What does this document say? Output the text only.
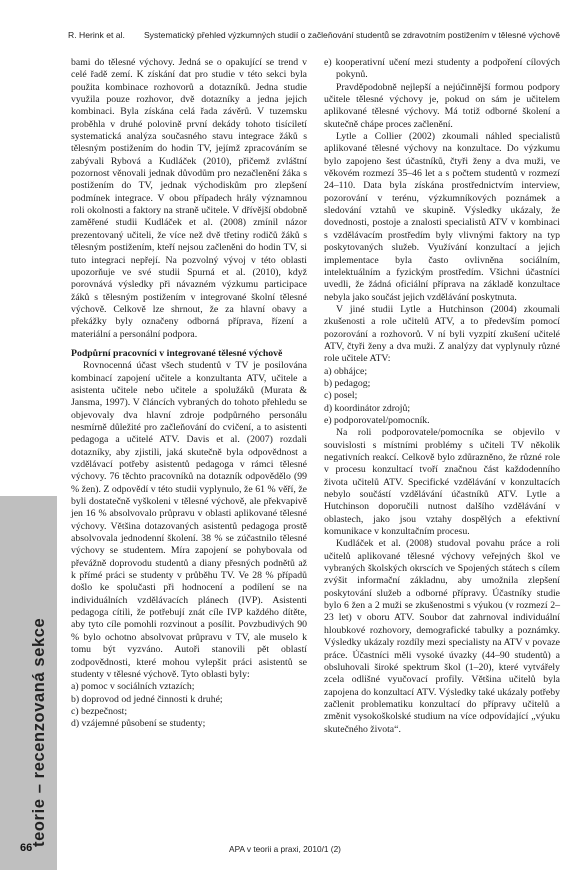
R. Herink et al. Systematický přehled výzkumných studií o začleňování studentů se zdravotním postižením v tělesné výchově

bami do tělesné výchovy. Jedná se o opakující se trend v celé řadě zemí. K získání dat pro studie v této sekci byla použita kombinace rozhovorů a dotazníků. Jedna studie využila pouze rozhovor, dvě dotazníky a jedna jejich kombinaci. Byla získána celá řada závěrů. V tuzemsku proběhla v druhé polovině první dekády tohoto tisíciletí systematická analýza současného stavu integrace žáků s tělesným postižením do hodin TV, jejímž zpracováním se zabývali Rybová a Kudláček (2010), přičemž zvláštní pozornost věnovali jednak důvodům pro nezačlenění žáka s postižením do TV, jednak východiskům pro zlepšení podmínek integrace. V obou případech hrály významnou roli okolnosti a faktory na straně učitele. V dřívější obdobně zaměřené studii Kudláček et al. (2008) zmínil názor prezentovaný učiteli, že více než dvě třetiny rodičů žáků s tělesným postižením, kteří nejsou začleněni do hodin TV, si tuto integraci nepřejí. Na pozvolný vývoj v této oblasti upozorňuje ve své studii Spurná et al. (2010), když porovnává výsledky při návazném výzkumu participace žáků s tělesným postižením v integrované školní tělesné výchově. Celkově lze shrnout, že za hlavní obavy a překážky byly označeny odborná příprava, řízení a materiální a personální podpora.

Podpůrní pracovníci v integrované tělesné výchově

Rovnocenná účast všech studentů v TV je posilována kombinací zapojení učitele a konzultanta ATV, učitele a asistenta učitele nebo učitele a spolužáků (Murata & Jansma, 1997). V článcích vybraných do tohoto přehledu se objevovaly dva hlavní zdroje podpůrného personálu nesmírně důležité pro začleňování do cvičení, a to asistenti pedagoga a učitelé ATV. Davis et al. (2007) rozdali dotazníky, aby zjistili, jaká skutečně byla odpovědnost a vzdělávací potřeby asistentů pedagoga v rámci tělesné výchovy. 76 těchto pracovníků na dotazník odpovědělo (99 % žen). Z odpovědí v této studii vyplynulo, že 61 % věří, že byli dostatečně vyškoleni v tělesné výchově, ale překvapivě jen 16 % absolvovalo průpravu v oblasti aplikované tělesné výchovy. Většina dotazovaných asistentů pedagoga prostě absolvovala jednodenní školení. 38 % se zúčastnilo tělesné výchovy se studentem. Míra zapojení se pohybovala od převážně doprovodu studentů a diany přesných podnětů až k přímé práci se studenty v průběhu TV. Ve 28 % případů došlo ke spolučasti při hodnocení a podílení se na individuálních vzdělávacích plánech (IVP). Asistenti pedagoga cítili, že potřebují znát cíle IVP každého dítěte, aby tyto cíle pomohli rozvinout a posílit. Povzbudivých 90 % bylo ochotno absolvovat průpravu v TV, ale muselo k tomu být vyzváno. Autoři stanovili pět oblastí zodpovědnosti, které mohou vylepšit práci asistentů se studenty v tělesné výchově. Tyto oblasti byly:

a) pomoc v sociálních vztazích;
b) doprovod od jedné činnosti k druhé;
c) bezpečnost;
d) vzájemné působení se studenty;
e) kooperativní učení mezi studenty a podpoření cílových pokynů.

Pravděpodobně nejlepší a nejúčinnější formou podpory učitele tělesné výchovy je, pokud on sám je učitelem aplikované tělesné výchovy. Má totiž odborné školení a skutečně chápe proces začlenění.

Lytle a Collier (2002) zkoumali náhled specialistů aplikované tělesné výchovy na konzultace. Do výzkumu bylo zapojeno šest účastníků, čtyři ženy a dva muži, ve věkovém rozmezí 35–46 let a s počtem studentů v rozmezí 24–110. Data byla získána prostřednictvím interview, pozorování v terénu, výzkumníkových poznámek a sledování vztahů ve skupině. Výsledky ukázaly, že dovednosti, postoje a znalosti specialistů ATV v kombinaci s vzdělávacím prostředím byly vlivnými faktory na typ poskytovaných služeb. Využívání konzultací a jejich implementace byla často ovlivněna sociálním, intelektuálním a fyzickým prostředím. Všichni účastníci uvedli, že žádná oficiální příprava na základě konzultace nebyla jako součást jejich vzdělávání poskytnuta.

V jiné studii Lytle a Hutchinson (2004) zkoumali zkušenosti a role učitelů ATV, a to především pomocí pozorování a rozhovorů. V ní byli vyzpití zkušení učitelé ATV, čtyři ženy a dva muži. Z analýzy dat vyplynuly různé role učitele ATV:

a) obhájce;
b) pedagog;
c) posel;
d) koordinátor zdrojů;
e) podporovatel/pomocník.

Na roli podporovatele/pomocníka se objevilo v souvislosti s místními problémy s učiteli TV několik negativních reakcí. Celkově bylo zdůrazněno, že různé role v procesu konzultací tvoří značnou část každodenního života učitelů ATV. Specifické vzdělávání v konzultacích nebylo součástí vzdělávání účastníků ATV. Lytle a Hutchinson doporučili nutnost dalšího vzdělávání v oblastech, jako jsou vztahy dospělých a efektivní komunikace v konzultačním procesu.

Kudláček et al. (2008) studoval povahu práce a roli učitelů aplikované tělesné výchovy veřejných škol ve vybraných školských okrscích ve Spojených státech s cílem zvýšit informační základnu, aby umožnila zlepšení poskytování služeb a odborné přípravy. Účastníky studie bylo 6 žen a 2 muži se zkušenostmi s výukou (v rozmezí 2–23 let) v oboru ATV. Soubor dat zahrnoval individuální hloubkové rozhovory, demografické tabulky a poznámky. Výsledky ukázaly rozdíly mezi specialisty na ATV v povaze práce. Účastníci měli vysoké úvazky (44–90 studentů) a obsluhovali široké spektrum škol (1–20), které vytvářely zcela odlišné vyučovací profily. Většina učitelů byla zapojena do konzultací ATV. Výsledky také ukázaly potřeby začlenit problematiku konzultací do přípravy učitelů a změnit vysokoškolské studium na více odpovídající „výuku skutečného života“.

teorie – recenzovaná sekce
66	APA v teorii a praxi, 2010/1 (2)
